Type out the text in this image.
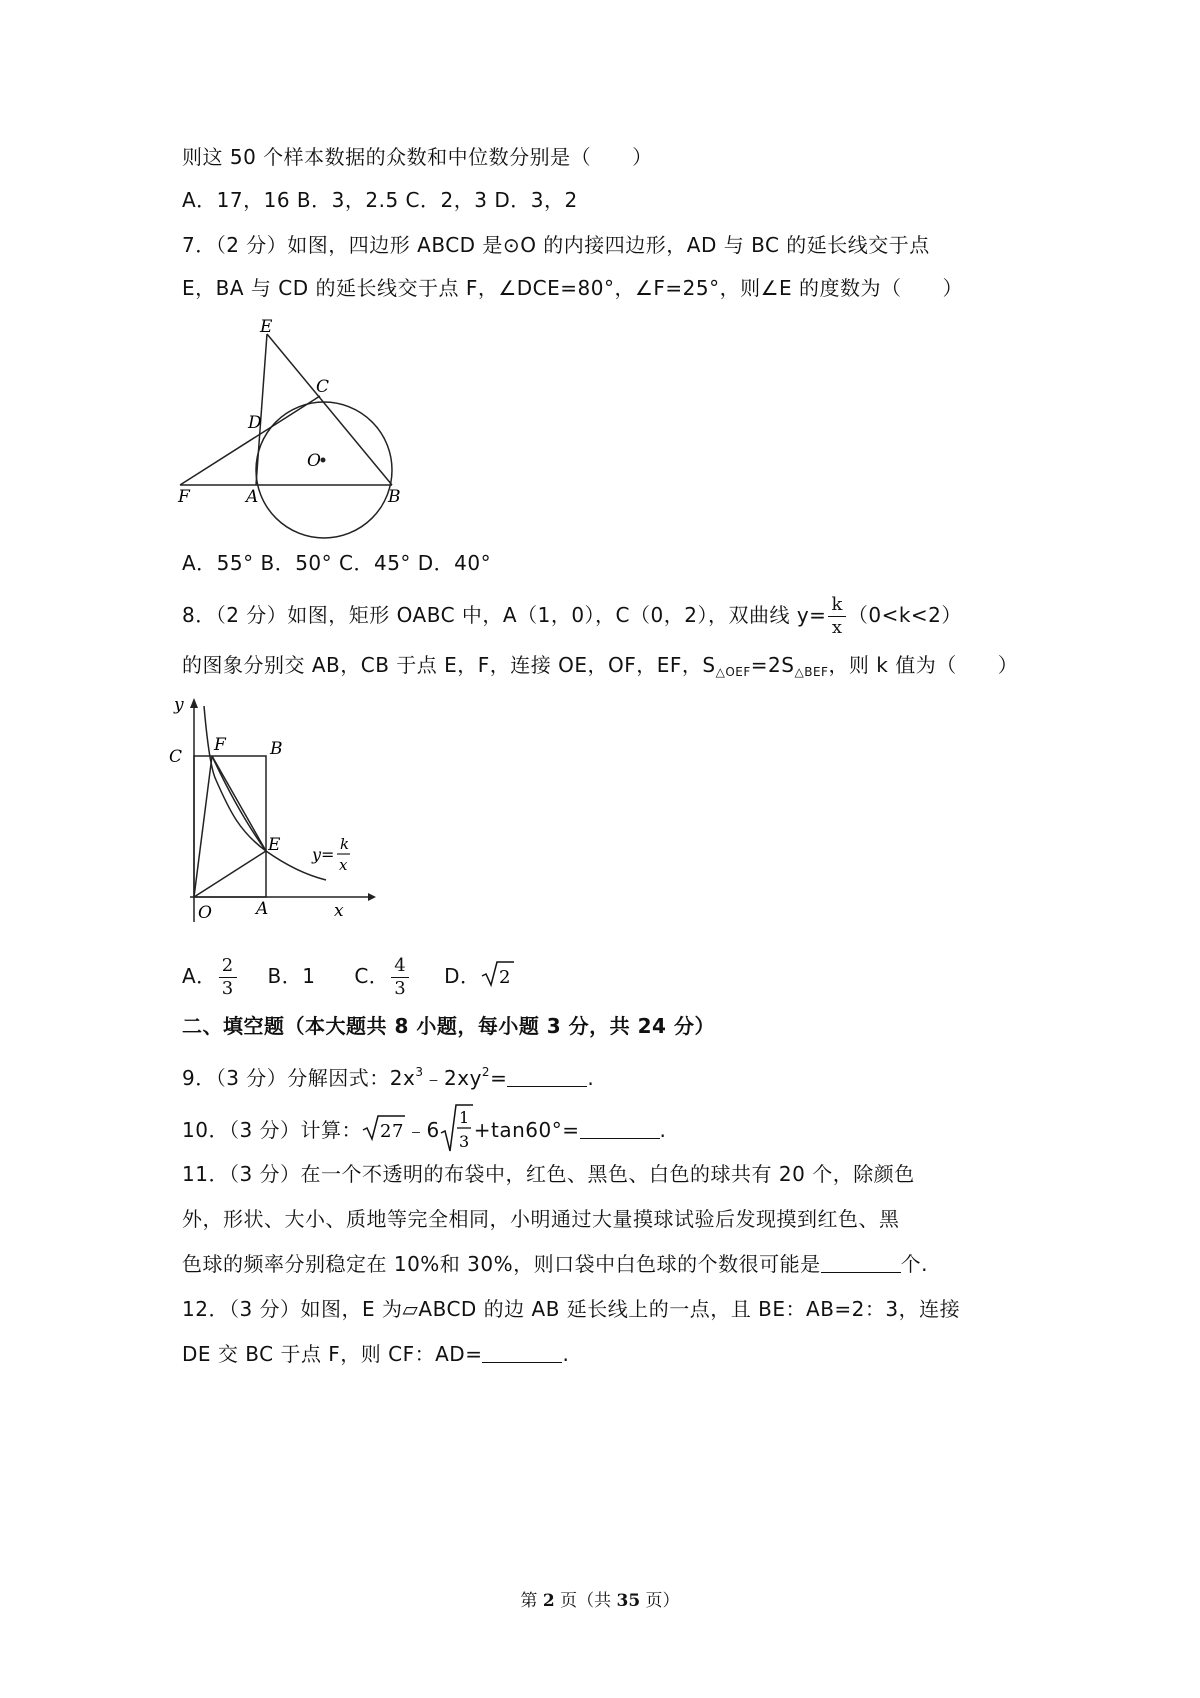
则这 50 个样本数据的众数和中位数分别是（　　）
A．17，16 B．3，2.5 C．2，3 D．3，2
7．（2 分）如图，四边形 ABCD 是⊙O 的内接四边形，AD 与 BC 的延长线交于点
E，BA 与 CD 的延长线交于点 F，∠DCE=80°，∠F=25°，则∠E 的度数为（　　）
E
C
D
O
F	A	B
A．55° B．50° C．45° D．40°
8．（2 分）如图，矩形 OABC 中，A（1，0），C（0，2），双曲线 $y= \frac{k}{x} (0<k<2)$
的图象分别交 AB，CB 于点 E，F，连接 OE，OF，EF，$S_{\triangle OEF}=2S_{\triangle BEF}$，则 k 值为（　　）
y
C
F	B
E
O	A	x
y=
k
x
A． $\frac{2}{3}$ B．1 C． $\frac{4}{3}$ D． 2
二、填空题（本大题共 8 小题，每小题 3 分，共 24 分）
9．（3 分）分解因式：$2x^3﹣2xy^2=$	.
10．（3 分）计算： 27 ﹣6
1
3 +tan60°=	.
11．（3 分）在一个不透明的布袋中，红色、黑色、白色的球共有 20 个，除颜色
外，形状、大小、质地等完全相同，小明通过大量摸球试验后发现摸到红色、黑
色球的频率分别稳定在 10%和 30%，则口袋中白色球的个数很可能是	个.
12．（3 分）如图，E 为▱ABCD 的边 AB 延长线上的一点，且 BE：AB=2：3，连接
DE 交 BC 于点 F，则 CF：AD=	.
第 2 页（共 35 页）
